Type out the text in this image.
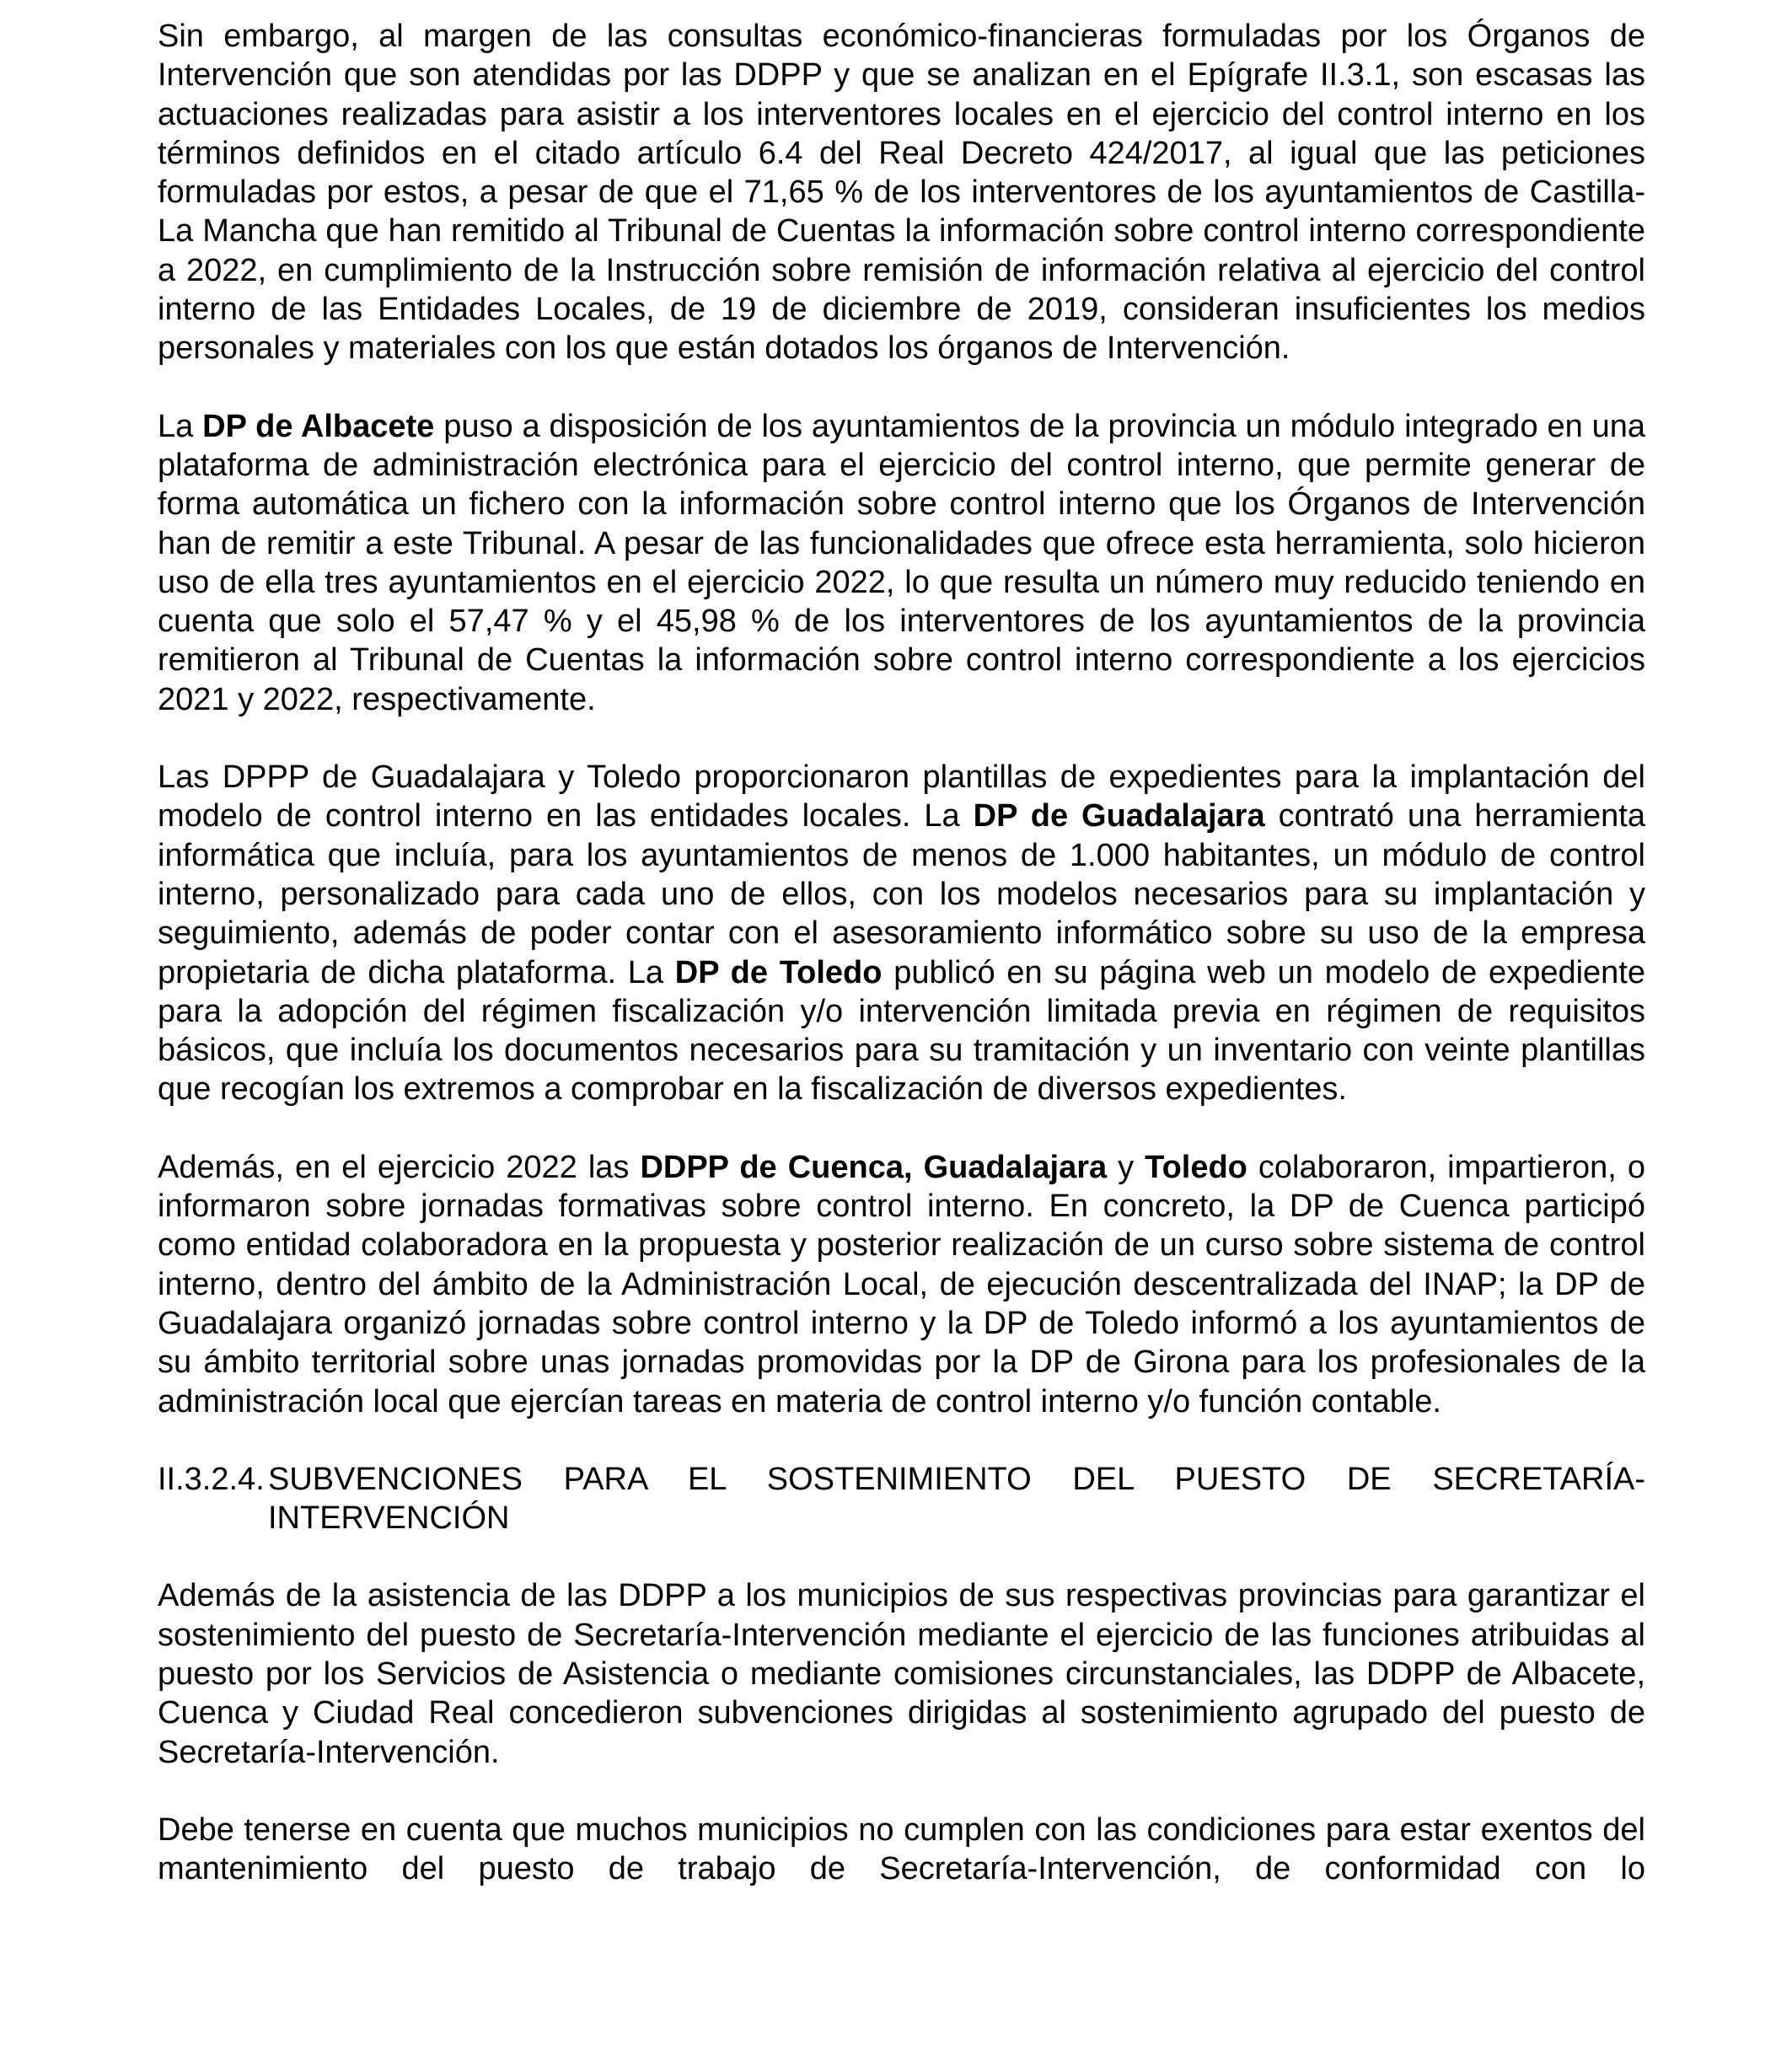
Sin embargo, al margen de las consultas económico-financieras formuladas por los Órganos de Intervención que son atendidas por las DDPP y que se analizan en el Epígrafe II.3.1, son escasas las actuaciones realizadas para asistir a los interventores locales en el ejercicio del control interno en los términos definidos en el citado artículo 6.4 del Real Decreto 424/2017, al igual que las peticiones formuladas por estos, a pesar de que el 71,65 % de los interventores de los ayuntamientos de Castilla-La Mancha que han remitido al Tribunal de Cuentas la información sobre control interno correspondiente a 2022, en cumplimiento de la Instrucción sobre remisión de información relativa al ejercicio del control interno de las Entidades Locales, de 19 de diciembre de 2019, consideran insuficientes los medios personales y materiales con los que están dotados los órganos de Intervención.

La DP de Albacete puso a disposición de los ayuntamientos de la provincia un módulo integrado en una plataforma de administración electrónica para el ejercicio del control interno, que permite generar de forma automática un fichero con la información sobre control interno que los Órganos de Intervención han de remitir a este Tribunal. A pesar de las funcionalidades que ofrece esta herramienta, solo hicieron uso de ella tres ayuntamientos en el ejercicio 2022, lo que resulta un número muy reducido teniendo en cuenta que solo el 57,47 % y el 45,98 % de los interventores de los ayuntamientos de la provincia remitieron al Tribunal de Cuentas la información sobre control interno correspondiente a los ejercicios 2021 y 2022, respectivamente.

Las DPPP de Guadalajara y Toledo proporcionaron plantillas de expedientes para la implantación del modelo de control interno en las entidades locales. La DP de Guadalajara contrató una herramienta informática que incluía, para los ayuntamientos de menos de 1.000 habitantes, un módulo de control interno, personalizado para cada uno de ellos, con los modelos necesarios para su implantación y seguimiento, además de poder contar con el asesoramiento informático sobre su uso de la empresa propietaria de dicha plataforma. La DP de Toledo publicó en su página web un modelo de expediente para la adopción del régimen fiscalización y/o intervención limitada previa en régimen de requisitos básicos, que incluía los documentos necesarios para su tramitación y un inventario con veinte plantillas que recogían los extremos a comprobar en la fiscalización de diversos expedientes.

Además, en el ejercicio 2022 las DDPP de Cuenca, Guadalajara y Toledo colaboraron, impartieron, o informaron sobre jornadas formativas sobre control interno. En concreto, la DP de Cuenca participó como entidad colaboradora en la propuesta y posterior realización de un curso sobre sistema de control interno, dentro del ámbito de la Administración Local, de ejecución descentralizada del INAP; la DP de Guadalajara organizó jornadas sobre control interno y la DP de Toledo informó a los ayuntamientos de su ámbito territorial sobre unas jornadas promovidas por la DP de Girona para los profesionales de la administración local que ejercían tareas en materia de control interno y/o función contable.

II.3.2.4. SUBVENCIONES PARA EL SOSTENIMIENTO DEL PUESTO DE SECRETARÍA-INTERVENCIÓN

Además de la asistencia de las DDPP a los municipios de sus respectivas provincias para garantizar el sostenimiento del puesto de Secretaría-Intervención mediante el ejercicio de las funciones atribuidas al puesto por los Servicios de Asistencia o mediante comisiones circunstanciales, las DDPP de Albacete, Cuenca y Ciudad Real concedieron subvenciones dirigidas al sostenimiento agrupado del puesto de Secretaría-Intervención.

Debe tenerse en cuenta que muchos municipios no cumplen con las condiciones para estar exentos del mantenimiento del puesto de trabajo de Secretaría-Intervención, de conformidad con lo
